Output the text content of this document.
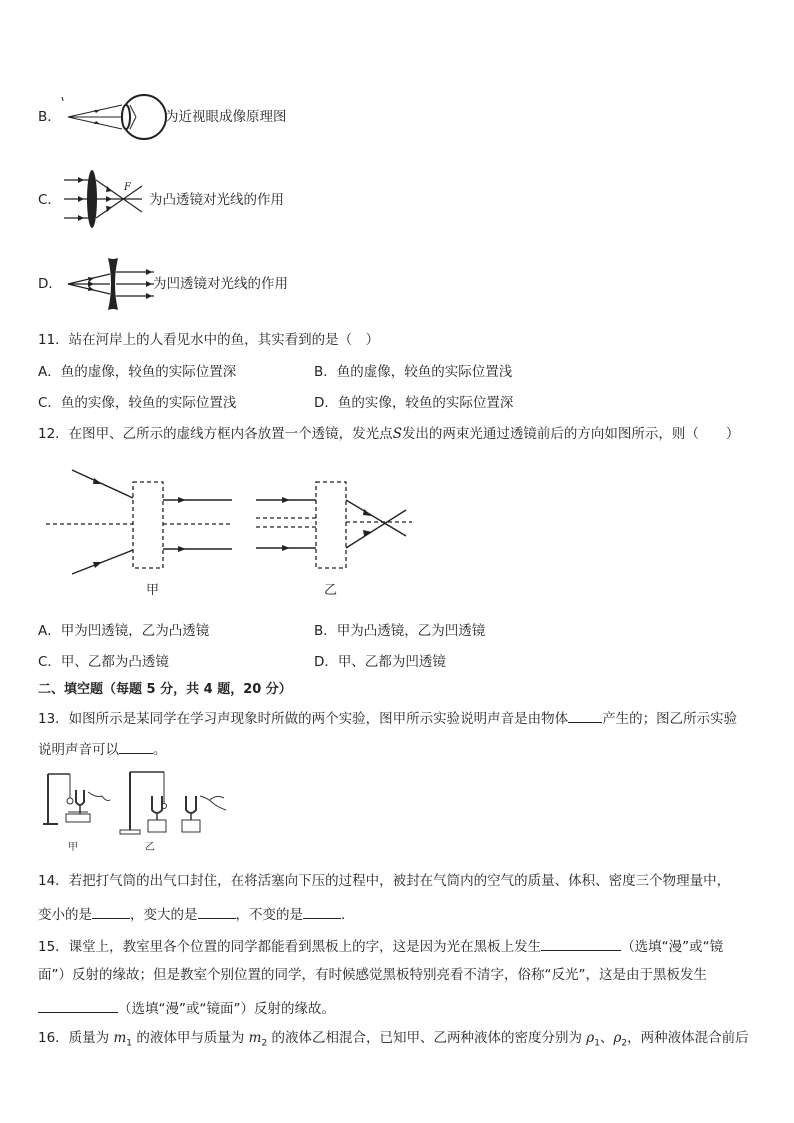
B．	为近视眼成像原理图
C．
F
为凸透镜对光线的作用
D．	为凹透镜对光线的作用
11．站在河岸上的人看见水中的鱼，其实看到的是（　）
A．鱼的虚像，较鱼的实际位置深	B．鱼的虚像，较鱼的实际位置浅
C．鱼的实像，较鱼的实际位置浅	D．鱼的实像，较鱼的实际位置深
12．在图甲、乙所示的虚线方框内各放置一个透镜，发光点S发出的两束光通过透镜前后的方向如图所示，则（　　）
甲	乙
A．甲为凹透镜，乙为凸透镜	B．甲为凸透镜，乙为凹透镜
C．甲、乙都为凸透镜	D．甲、乙都为凹透镜
二、填空题（每题 5 分，共 4 题，20 分）
13．如图所示是某同学在学习声现象时所做的两个实验，图甲所示实验说明声音是由物体	产生的；图乙所示实验
说明声音可以	。
甲	乙
14．若把打气筒的出气口封住，在将活塞向下压的过程中，被封在气筒内的空气的质量、体积、密度三个物理量中，
变小的是	，变大的是	，不变的是	.
15．课堂上，教室里各个位置的同学都能看到黑板上的字，这是因为光在黑板上发生	（选填“漫”或“镜
面”）反射的缘故；但是教室个别位置的同学，有时候感觉黑板特别亮看不清字，俗称“反光”，这是由于黑板发生
（选填“漫”或“镜面”）反射的缘故。
16．质量为 $m_1$ 的液体甲与质量为 $m_2$ 的液体乙相混合，已知甲、乙两种液体的密度分别为 $\rho_1$、$\rho_2$，两种液体混合前后
